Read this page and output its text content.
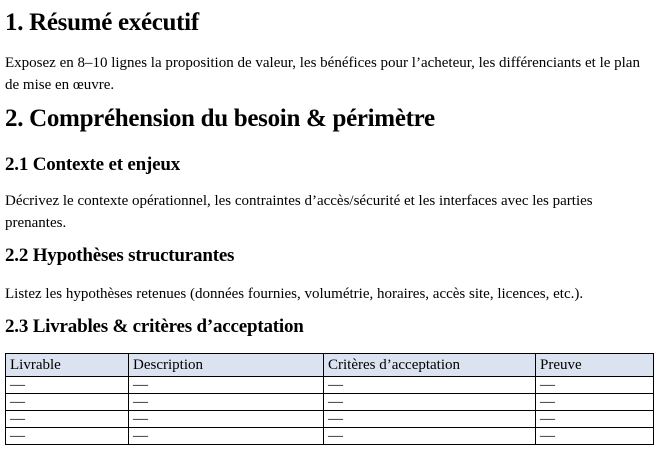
1. Résumé exécutif

Exposez en 8–10 lignes la proposition de valeur, les bénéfices pour l’acheteur, les différenciants et le plan de mise en œuvre.

2. Compréhension du besoin & périmètre
2.1 Contexte et enjeux

Décrivez le contexte opérationnel, les contraintes d’accès/sécurité et les interfaces avec les parties prenantes.

2.2 Hypothèses structurantes

Listez les hypothèses retenues (données fournies, volumétrie, horaires, accès site, licences, etc.).

2.3 Livrables & critères d’acceptation
Livrable	Description	Critères d’acceptation	Preuve
—	—	—	—
—	—	—	—
—	—	—	—
—	—	—	—
